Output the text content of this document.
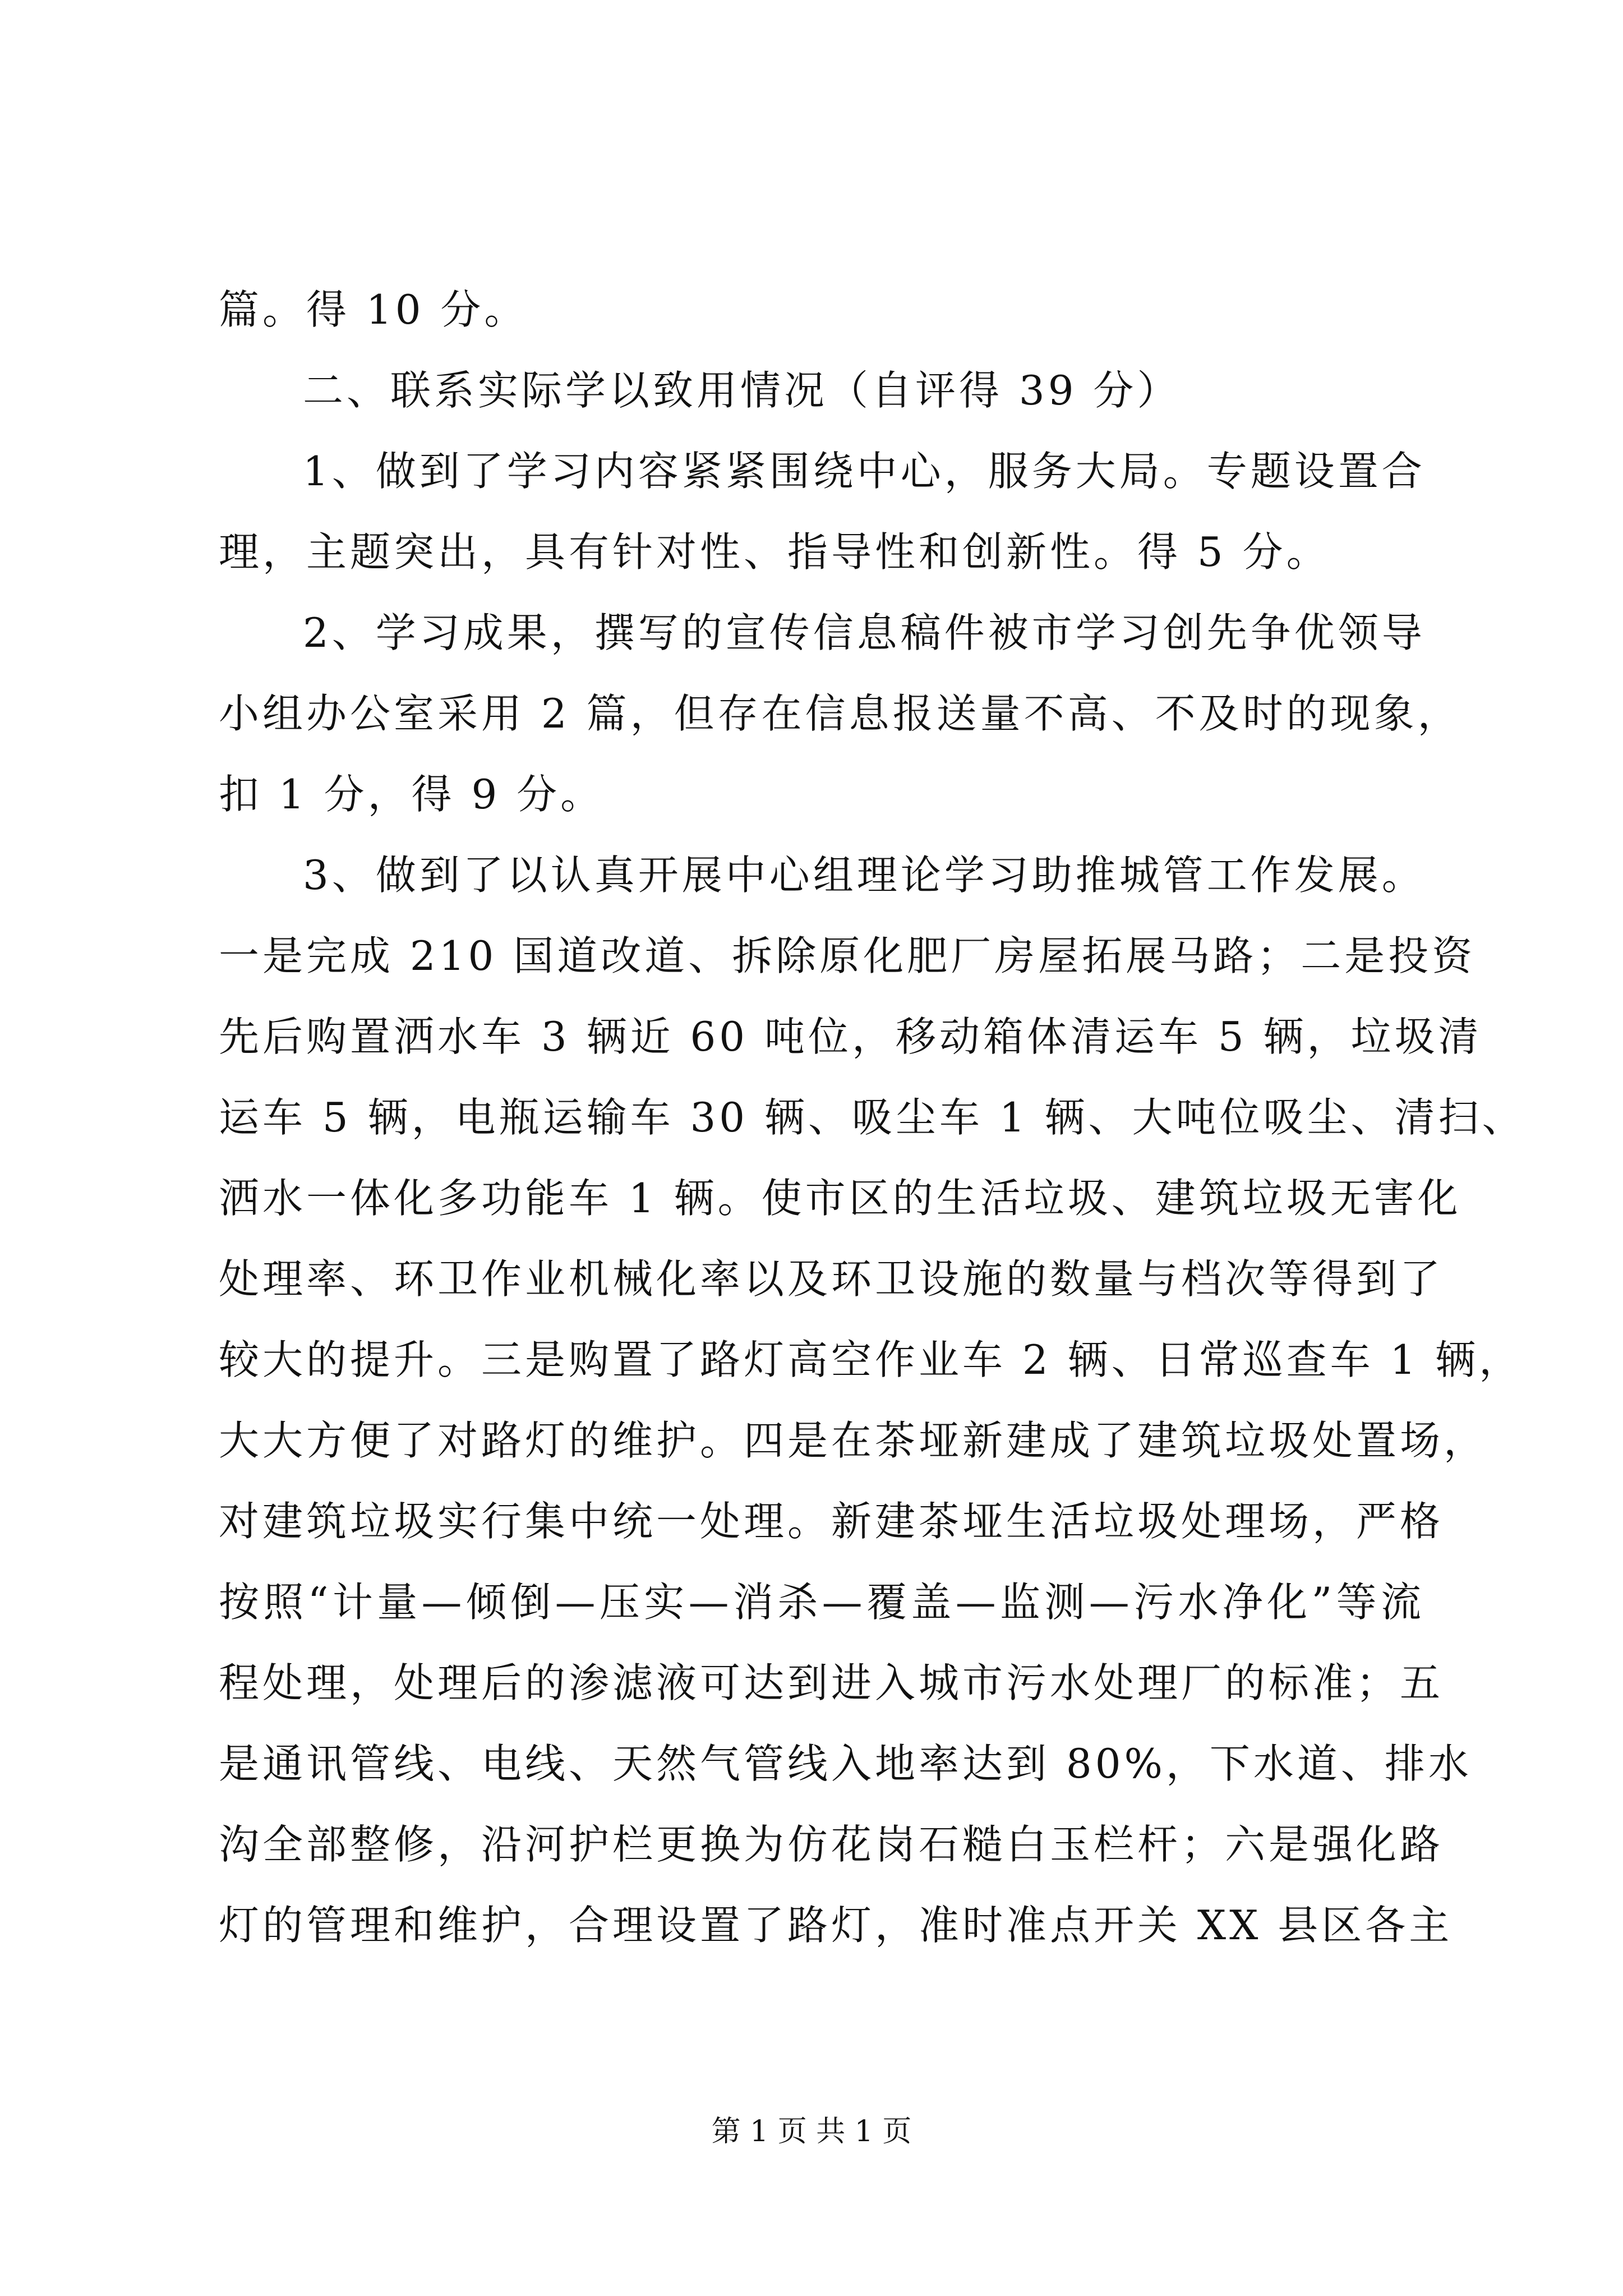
篇。得 10 分。
二、联系实际学以致用情况（自评得 39 分）
1、做到了学习内容紧紧围绕中心，服务大局。专题设置合
理，主题突出，具有针对性、指导性和创新性。得 5 分。
2、学习成果，撰写的宣传信息稿件被市学习创先争优领导
小组办公室采用 2 篇，但存在信息报送量不高、不及时的现象，
扣 1 分，得 9 分。
3、做到了以认真开展中心组理论学习助推城管工作发展。
一是完成 210 国道改道、拆除原化肥厂房屋拓展马路；二是投资
先后购置洒水车 3 辆近 60 吨位，移动箱体清运车 5 辆，垃圾清
运车 5 辆，电瓶运输车 30 辆、吸尘车 1 辆、大吨位吸尘、清扫、
洒水一体化多功能车 1 辆。使市区的生活垃圾、建筑垃圾无害化
处理率、环卫作业机械化率以及环卫设施的数量与档次等得到了
较大的提升。三是购置了路灯高空作业车 2 辆、日常巡查车 1 辆，
大大方便了对路灯的维护。四是在茶垭新建成了建筑垃圾处置场，
对建筑垃圾实行集中统一处理。新建茶垭生活垃圾处理场，严格
按照“计量—倾倒—压实—消杀—覆盖—监测—污水净化”等流
程处理，处理后的渗滤液可达到进入城市污水处理厂的标准；五
是通讯管线、电线、天然气管线入地率达到 80%，下水道、排水
沟全部整修，沿河护栏更换为仿花岗石糙白玉栏杆；六是强化路
灯的管理和维护，合理设置了路灯，准时准点开关 XX 县区各主
第 1 页 共 1 页
